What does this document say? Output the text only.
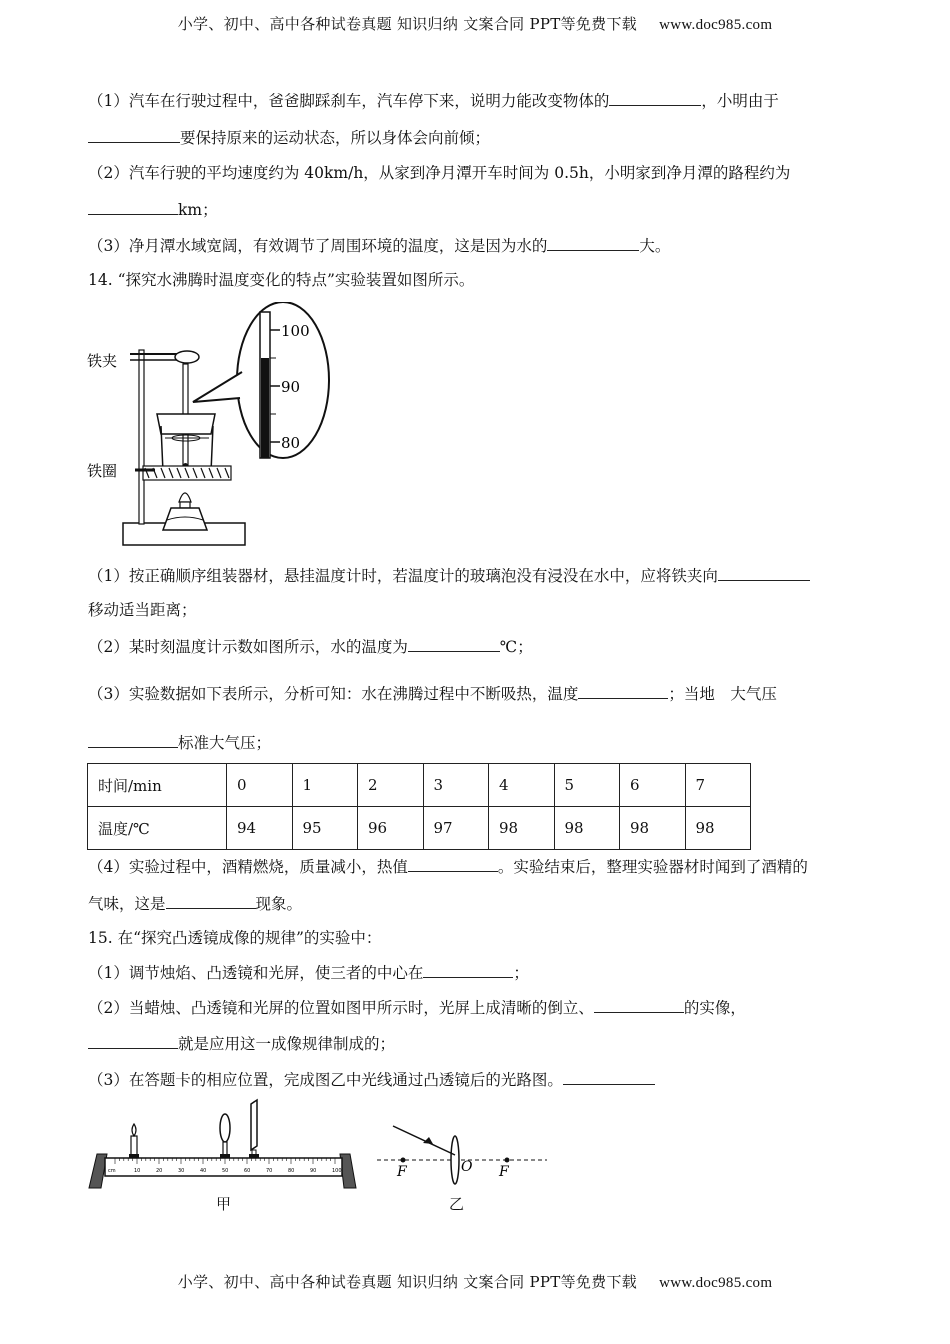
小学、初中、高中各种试卷真题 知识归纳 文案合同 PPT等免费下载 www.doc985.com
（1）汽车在行驶过程中，爸爸脚踩刹车，汽车停下来，说明力能改变物体的	，小明由于
要保持原来的运动状态，所以身体会向前倾；
（2）汽车行驶的平均速度约为 40km/h，从家到净月潭开车时间为 0.5h，小明家到净月潭的路程约为
km；
（3）净月潭水域宽阔，有效调节了周围环境的温度，这是因为水的	大。
14. “探究水沸腾时温度变化的特点”实验装置如图所示。
铁夹
铁圈
100
90
80
（1）按正确顺序组装器材，悬挂温度计时，若温度计的玻璃泡没有浸没在水中，应将铁夹向
移动适当距离；
（2）某时刻温度计示数如图所示，水的温度为	℃；
（3）实验数据如下表所示，分析可知：水在沸腾过程中不断吸热，温度	；当地　大气压
标准大气压；
时间/min	0	1	2	3	4	5	6	7
温度/℃	94	95	96	97	98	98	98	98
（4）实验过程中，酒精燃烧，质量减小，热值	。实验结束后，整理实验器材时闻到了酒精的
气味，这是	现象。
15. 在“探究凸透镜成像的规律”的实验中：
（1）调节烛焰、凸透镜和光屏，使三者的中心在	；
（2）当蜡烛、凸透镜和光屏的位置如图甲所示时，光屏上成清晰的倒立、	的实像，
就是应用这一成像规律制成的；
（3）在答题卡的相应位置，完成图乙中光线通过凸透镜后的光路图。
10	20	30	40	50	60	70	80	90	100
cm
甲
F	O F
乙
小学、初中、高中各种试卷真题 知识归纳 文案合同 PPT等免费下载 www.doc985.com
